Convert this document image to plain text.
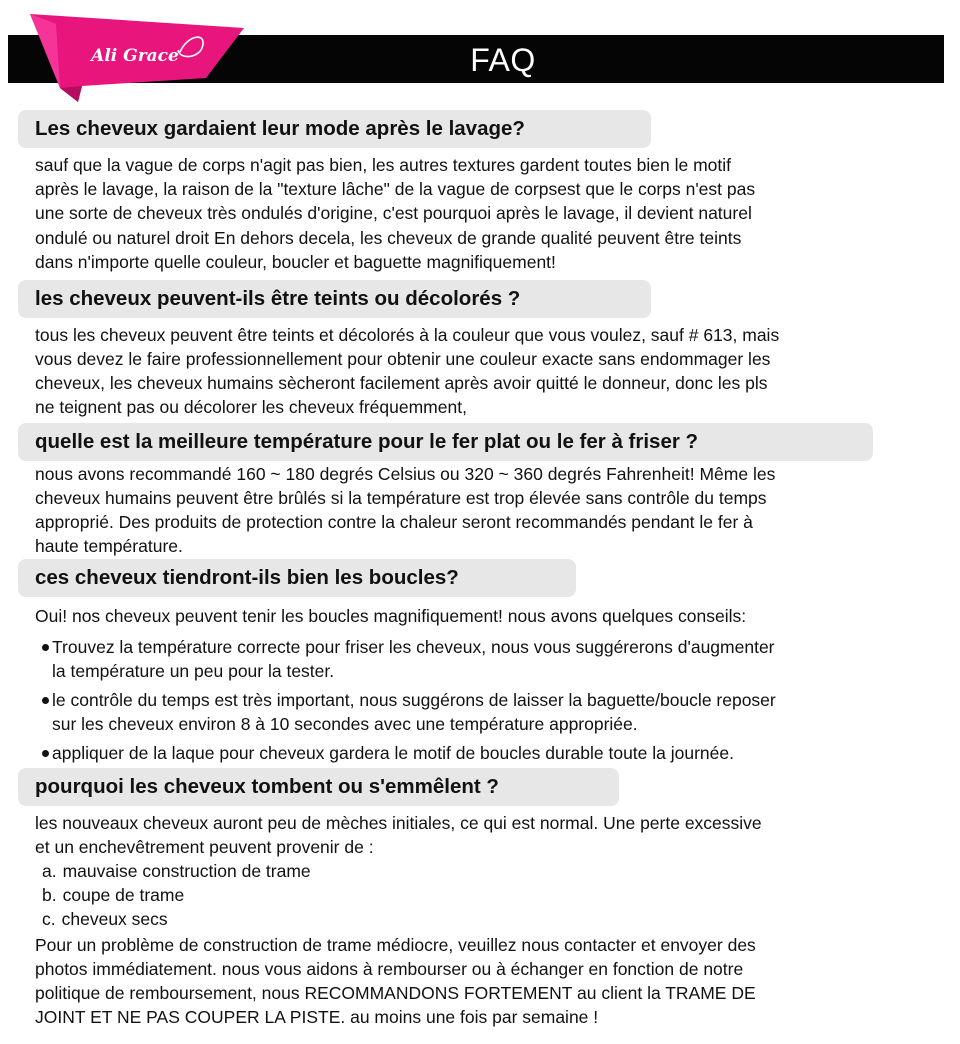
FAQ
Ali Grace
Les cheveux gardaient leur mode après le lavage?

sauf que la vague de corps n'agit pas bien, les autres textures gardent toutes bien le motif

après le lavage, la raison de la "texture lâche" de la vague de corpsest que le corps n'est pas

une sorte de cheveux très ondulés d'origine, c'est pourquoi après le lavage, il devient naturel

ondulé ou naturel droit En dehors decela, les cheveux de grande qualité peuvent être teints

dans n'importe quelle couleur, boucler et baguette magnifiquement!

les cheveux peuvent-ils être teints ou décolorés ?

tous les cheveux peuvent être teints et décolorés à la couleur que vous voulez, sauf # 613, mais

vous devez le faire professionnellement pour obtenir une couleur exacte sans endommager les

cheveux, les cheveux humains sècheront facilement après avoir quitté le donneur, donc les pls

ne teignent pas ou décolorer les cheveux fréquemment,

quelle est la meilleure température pour le fer plat ou le fer à friser ?

nous avons recommandé 160 ~ 180 degrés Celsius ou 320 ~ 360 degrés Fahrenheit! Même les

cheveux humains peuvent être brûlés si la température est trop élevée sans contrôle du temps

approprié. Des produits de protection contre la chaleur seront recommandés pendant le fer à

haute température.

ces cheveux tiendront-ils bien les boucles?

Oui! nos cheveux peuvent tenir les boucles magnifiquement! nous avons quelques conseils:

Trouvez la température correcte pour friser les cheveux, nous vous suggérerons d'augmenter
la température un peu pour la tester.
le contrôle du temps est très important, nous suggérons de laisser la baguette/boucle reposer
sur les cheveux environ 8 à 10 secondes avec une température appropriée.
appliquer de la laque pour cheveux gardera le motif de boucles durable toute la journée.
pourquoi les cheveux tombent ou s'emmêlent ?

les nouveaux cheveux auront peu de mèches initiales, ce qui est normal. Une perte excessive

et un enchevêtrement peuvent provenir de :

a. mauvaise construction de trame
b. coupe de trame
c. cheveux secs

Pour un problème de construction de trame médiocre, veuillez nous contacter et envoyer des

photos immédiatement. nous vous aidons à rembourser ou à échanger en fonction de notre

politique de remboursement, nous RECOMMANDONS FORTEMENT au client la TRAME DE

JOINT ET NE PAS COUPER LA PISTE. au moins une fois par semaine !
